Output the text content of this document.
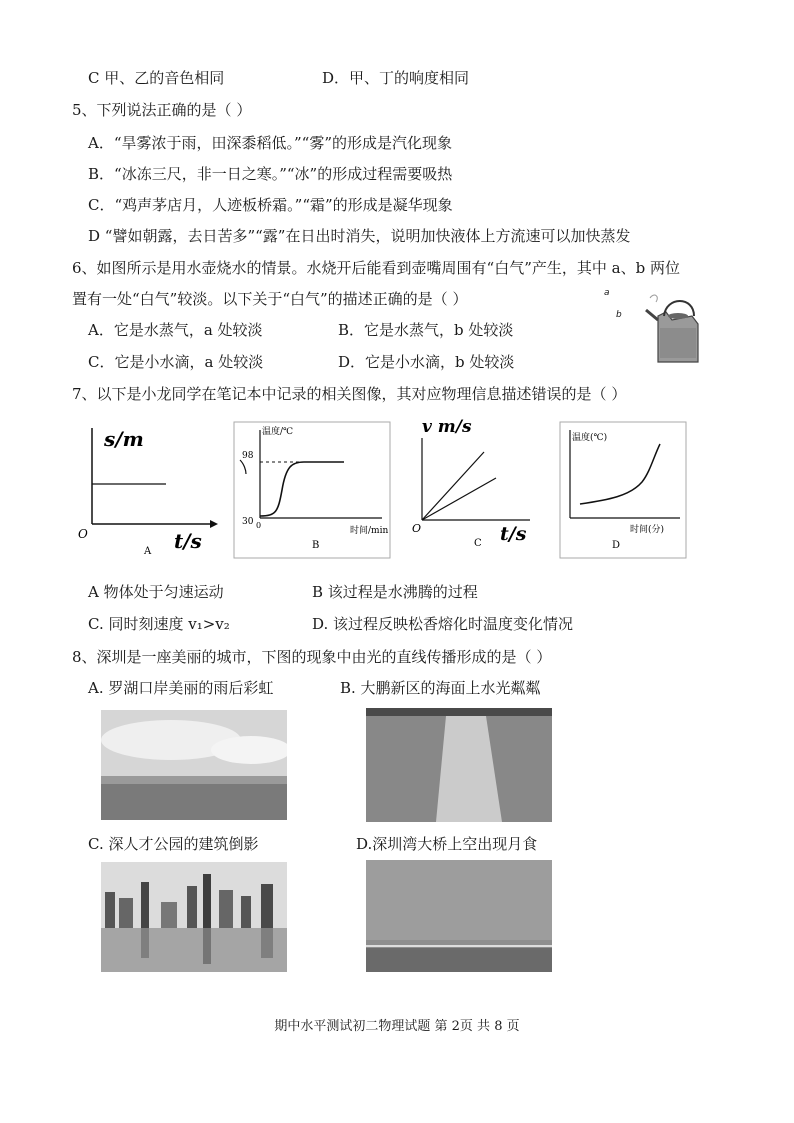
C 甲、乙的音色相同	D．甲、丁的响度相同
5、下列说法正确的是（ ）
A．“旱雾浓于雨，田深黍稻低。”“雾”的形成是汽化现象
B．“冰冻三尺，非一日之寒。”“冰”的形成过程需要吸热
C．“鸡声茅店月，人迹板桥霜。”“霜”的形成是凝华现象
D “譬如朝露，去日苦多”“露”在日出时消失，说明加快液体上方流速可以加快蒸发
6、如图所示是用水壶烧水的情景。水烧开后能看到壶嘴周围有“白气”产生，其中 a、b 两位
置有一处“白气”较淡。以下关于“白气”的描述正确的是（ ）
A．它是水蒸气，a 处较淡	B．它是水蒸气，b 处较淡
C．它是小水滴，a 处较淡	D．它是小水滴，b 处较淡
a
b
7、以下是小龙同学在笔记本中记录的相关图像，其对应物理信息描述错误的是（ ）
s/m
O	t/s
A
温度/℃
98
30 0
时间/min
B
v m/s
O	t/s
C
温度(℃)
时间(分)
D
A 物体处于匀速运动	B 该过程是水沸腾的过程
C. 同时刻速度 v₁>v₂	D. 该过程反映松香熔化时温度变化情况
8、深圳是一座美丽的城市，下图的现象中由光的直线传播形成的是（ ）
A. 罗湖口岸美丽的雨后彩虹	B. 大鹏新区的海面上水光粼粼
C. 深人才公园的建筑倒影	D.深圳湾大桥上空出现月食
期中水平测试初二物理试题 第 2页 共 8 页
